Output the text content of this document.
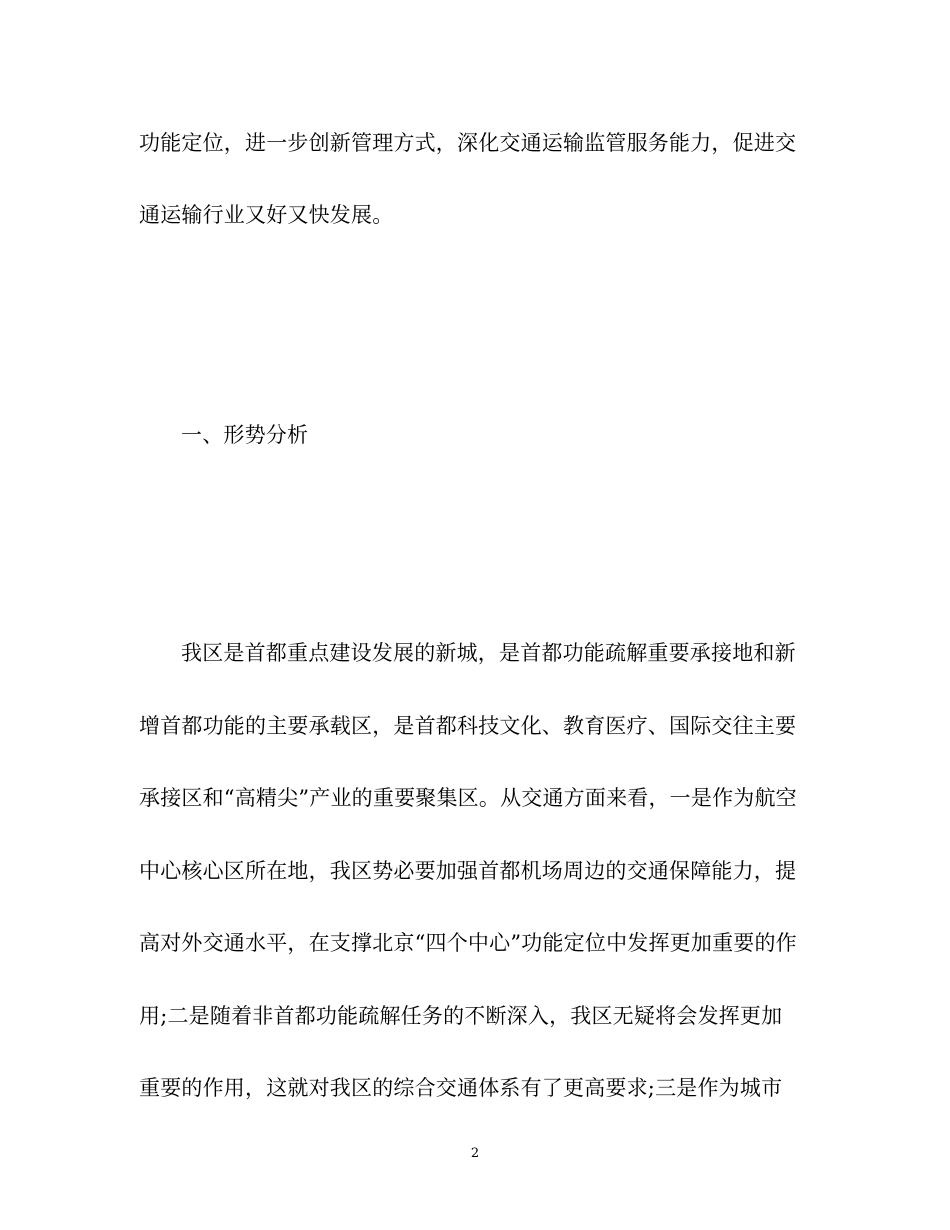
功能定位，进一步创新管理方式，深化交通运输监管服务能力，促进交
通运输行业又好又快发展。
一、形势分析
我区是首都重点建设发展的新城，是首都功能疏解重要承接地和新
增首都功能的主要承载区，是首都科技文化、教育医疗、国际交往主要
承接区和“高精尖”产业的重要聚集区。从交通方面来看，一是作为航空
中心核心区所在地，我区势必要加强首都机场周边的交通保障能力，提
高对外交通水平，在支撑北京“四个中心”功能定位中发挥更加重要的作
用;二是随着非首都功能疏解任务的不断深入，我区无疑将会发挥更加
重要的作用，这就对我区的综合交通体系有了更高要求;三是作为城市
2
